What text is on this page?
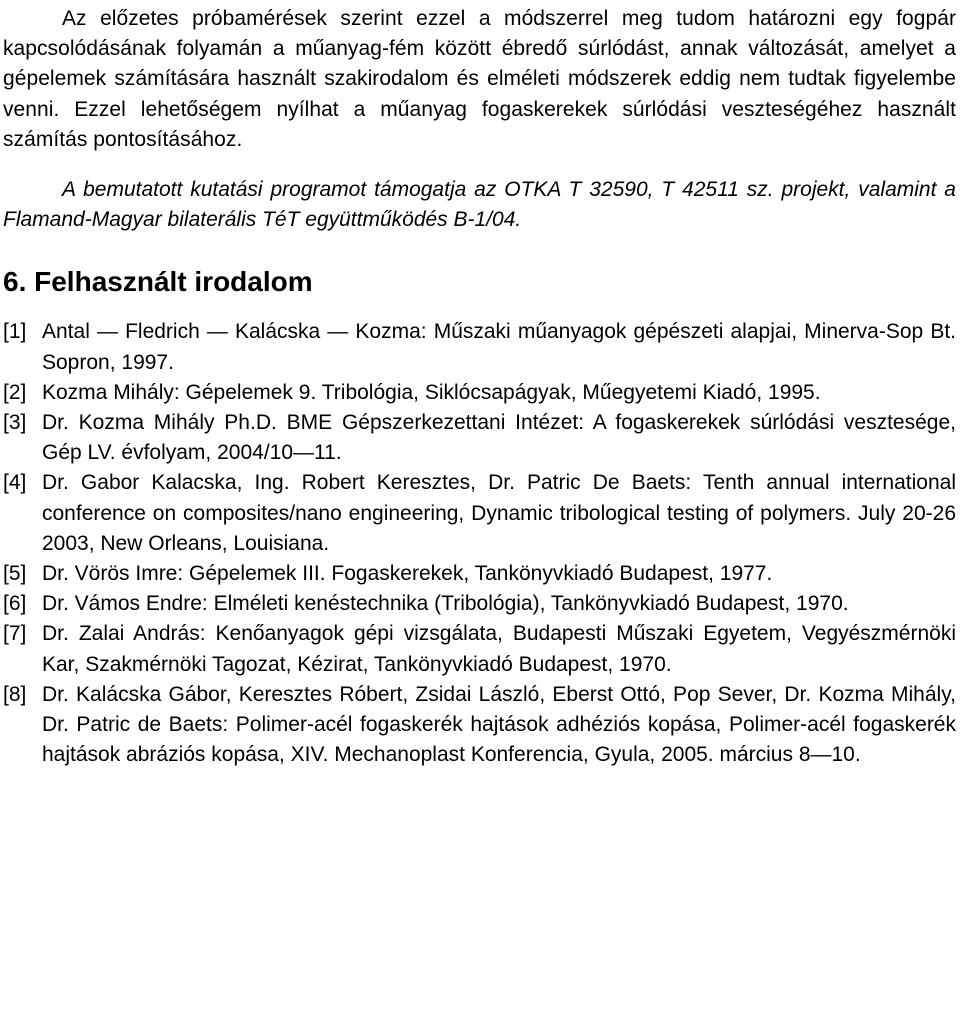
Az előzetes próbamérések szerint ezzel a módszerrel meg tudom határozni egy fogpár kapcsolódásának folyamán a műanyag-fém között ébredő súrlódást, annak változását, amelyet a gépelemek számítására használt szakirodalom és elméleti módszerek eddig nem tudtak figyelembe venni. Ezzel lehetőségem nyílhat a műanyag fogaskerekek súrlódási veszteségéhez használt számítás pontosításához.

A bemutatott kutatási programot támogatja az OTKA T 32590, T 42511 sz. projekt, valamint a Flamand-Magyar bilaterális TéT együttműködés B-1/04.

6. Felhasznált irodalom
[1] Antal — Fledrich — Kalácska — Kozma: Műszaki műanyagok gépészeti alapjai, Minerva-Sop Bt. Sopron, 1997.
[2] Kozma Mihály: Gépelemek 9. Tribológia, Siklócsapágyak, Műegyetemi Kiadó, 1995.
[3] Dr. Kozma Mihály Ph.D. BME Gépszerkezettani Intézet: A fogaskerekek súrlódási vesztesége, Gép LV. évfolyam, 2004/10—11.
[4] Dr. Gabor Kalacska, Ing. Robert Keresztes, Dr. Patric De Baets: Tenth annual international conference on composites/nano engineering, Dynamic tribological testing of polymers. July 20-26 2003, New Orleans, Louisiana.
[5] Dr. Vörös Imre: Gépelemek III. Fogaskerekek, Tankönyvkiadó Budapest, 1977.
[6] Dr. Vámos Endre: Elméleti kenéstechnika (Tribológia), Tankönyvkiadó Budapest, 1970.
[7] Dr. Zalai András: Kenőanyagok gépi vizsgálata, Budapesti Műszaki Egyetem, Vegyészmérnöki Kar, Szakmérnöki Tagozat, Kézirat, Tankönyvkiadó Budapest, 1970.
[8] Dr. Kalácska Gábor, Keresztes Róbert, Zsidai László, Eberst Ottó, Pop Sever, Dr. Kozma Mihály, Dr. Patric de Baets: Polimer-acél fogaskerék hajtások adhéziós kopása, Polimer-acél fogaskerék hajtások abráziós kopása, XIV. Mechanoplast Konferencia, Gyula, 2005. március 8—10.
